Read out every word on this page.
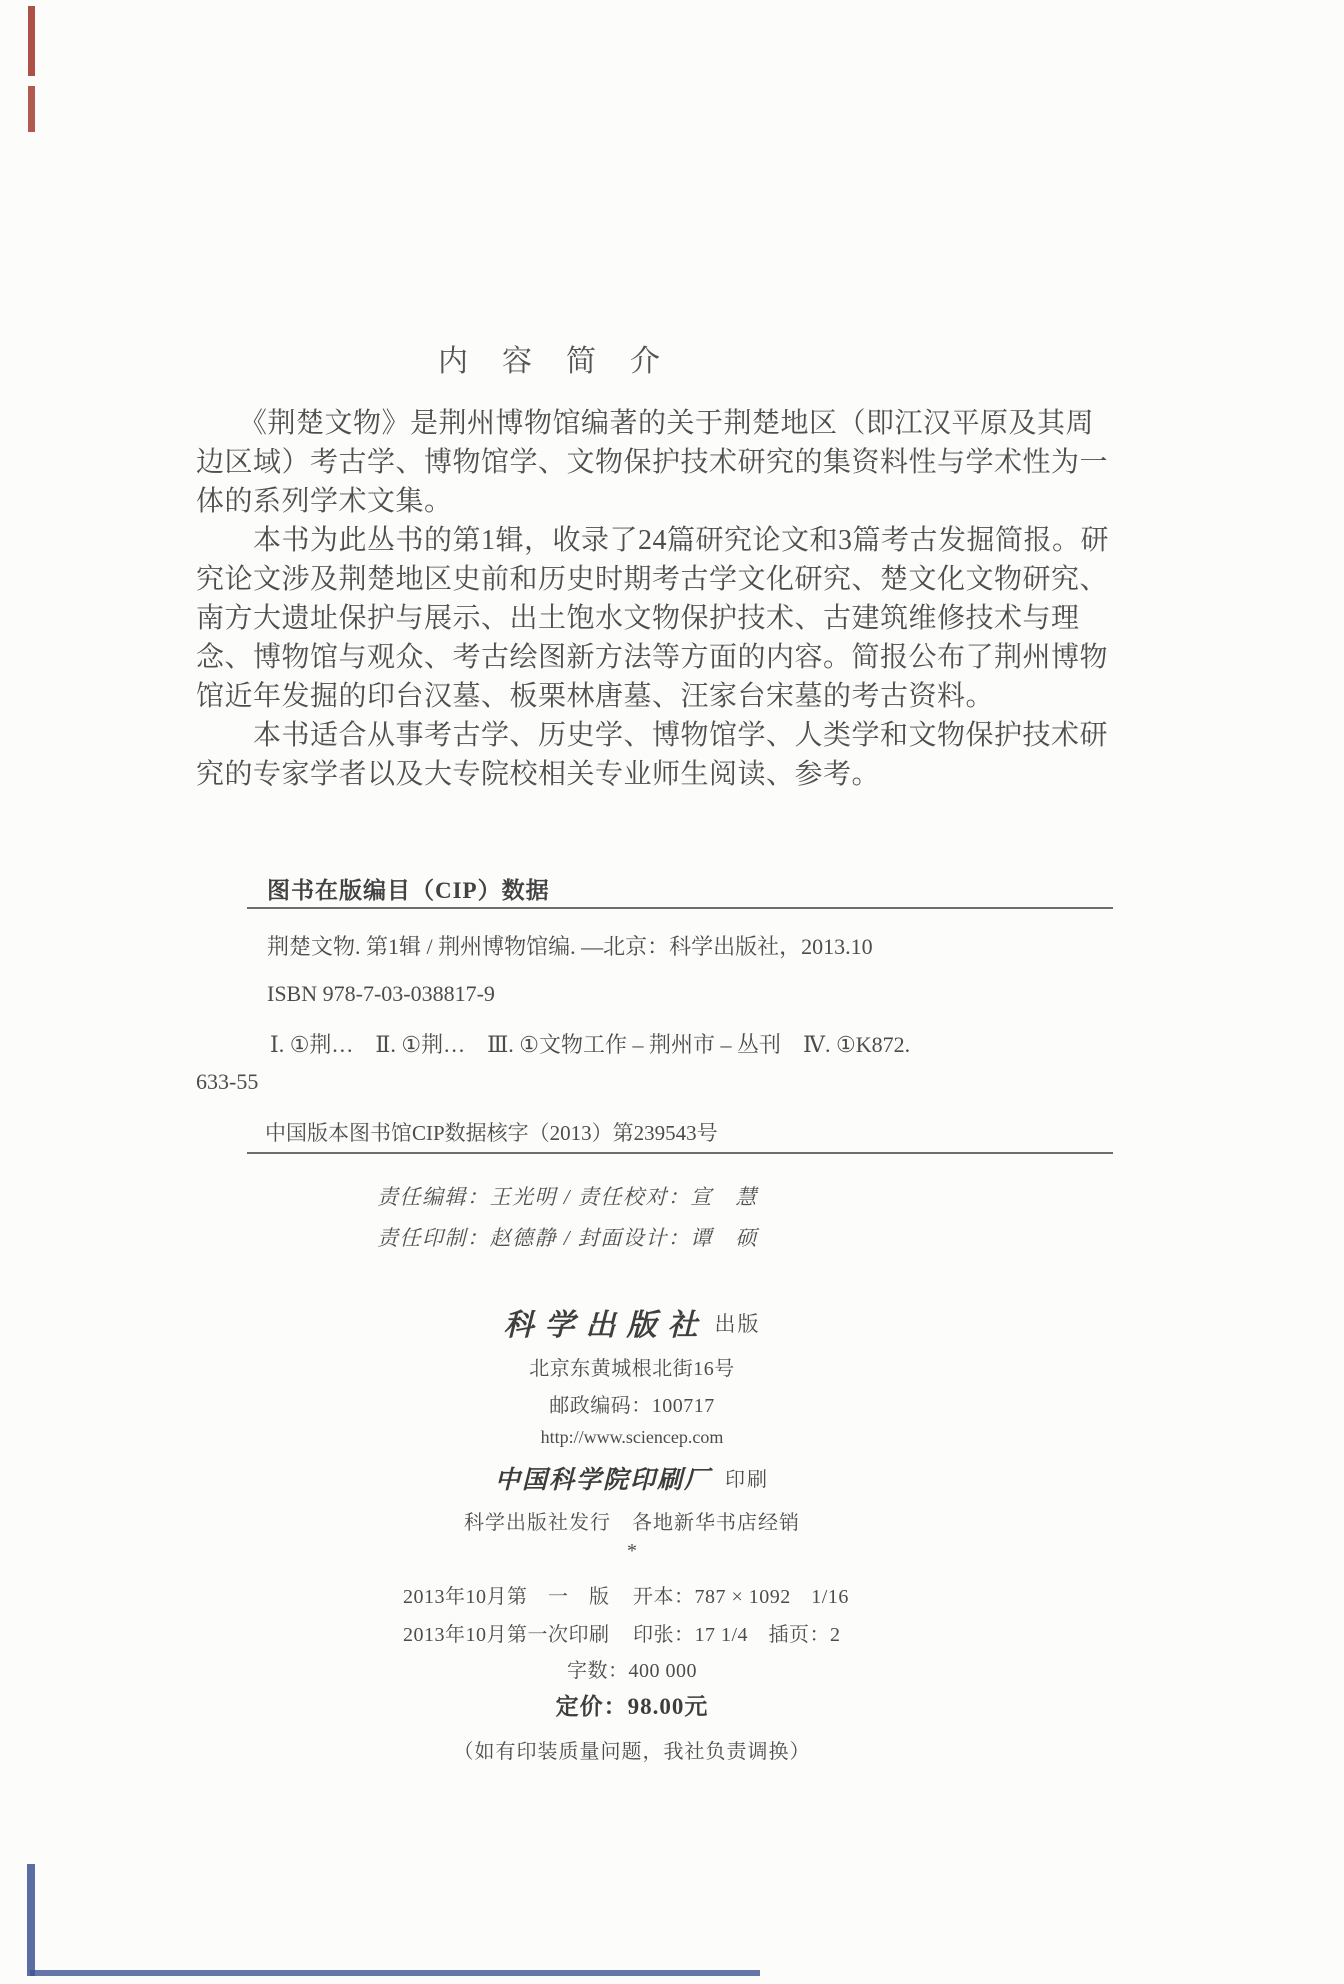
内　容　简　介
　　《荆楚文物》是荆州博物馆编著的关于荆楚地区（即江汉平原及其周
边区域）考古学、博物馆学、文物保护技术研究的集资料性与学术性为一
体的系列学术文集。
　　本书为此丛书的第1辑，收录了24篇研究论文和3篇考古发掘简报。研
究论文涉及荆楚地区史前和历史时期考古学文化研究、楚文化文物研究、
南方大遗址保护与展示、出土饱水文物保护技术、古建筑维修技术与理
念、博物馆与观众、考古绘图新方法等方面的内容。简报公布了荆州博物
馆近年发掘的印台汉墓、板栗林唐墓、汪家台宋墓的考古资料。
　　本书适合从事考古学、历史学、博物馆学、人类学和文物保护技术研
究的专家学者以及大专院校相关专业师生阅读、参考。
图书在版编目（CIP）数据
荆楚文物. 第1辑 / 荆州博物馆编. —北京：科学出版社，2013.10
ISBN 978-7-03-038817-9
Ⅰ. ①荆…　Ⅱ. ①荆…　Ⅲ. ①文物工作 – 荆州市 – 丛刊　Ⅳ. ①K872.
633-55
中国版本图书馆CIP数据核字（2013）第239543号
责任编辑：王光明 / 责任校对：宣　慧
责任印制：赵德静 / 封面设计：谭　硕
科学出版社 出版
北京东黄城根北街16号
邮政编码：100717
http://www.sciencep.com
中国科学院印刷厂 印刷
科学出版社发行　各地新华书店经销
*
2013年10月第　一　版 开本：787 × 1092　1/16
2013年10月第一次印刷 印张：17 1/4　插页：2
字数：400 000
定价：98.00元
（如有印装质量问题，我社负责调换）
